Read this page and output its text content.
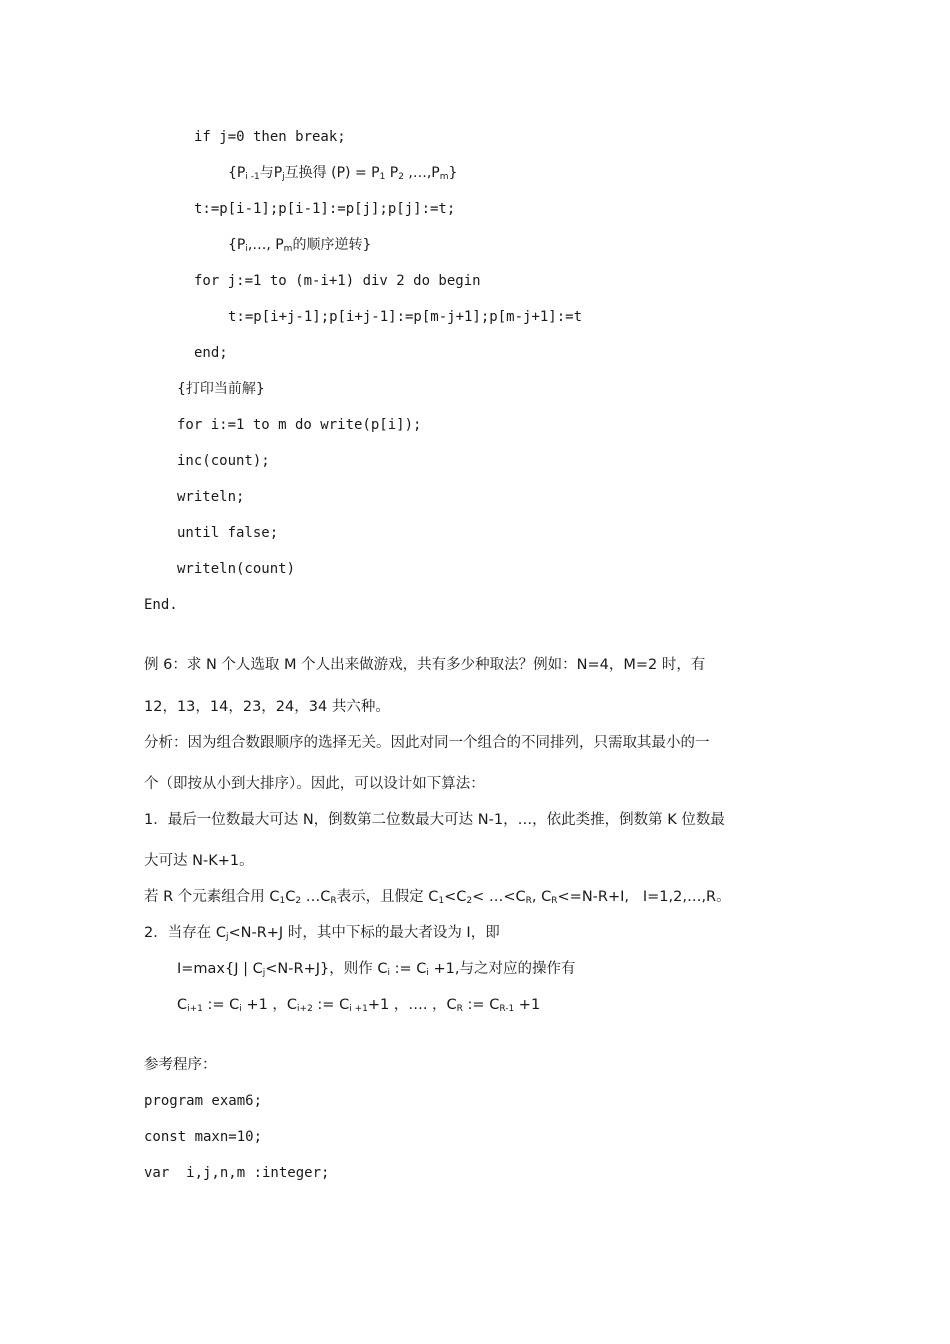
if j=0 then break;
{$P_{i -1}$与$P_j$互换得 $(P) = P_1$ $P_2$ $,\dots,P_m$}
t:=p[i-1];p[i-1]:=p[j];p[j]:=t;
{$P_i,\dots$, $P_m$的顺序逆转}
for j:=1 to (m-i+1) div 2 do begin
t:=p[i+j-1];p[i+j-1]:=p[m-j+1];p[m-j+1]:=t
end;
{打印当前解}
for i:=1 to m do write(p[i]);
inc(count);
writeln;
until false;
writeln(count)
End.
例 6：求 N 个人选取 M 个人出来做游戏，共有多少种取法？例如：N=4，M=2 时，有
12，13，14，23，24，34 共六种。
分析：因为组合数跟顺序的选择无关。因此对同一个组合的不同排列，只需取其最小的一
个（即按从小到大排序）。因此，可以设计如下算法：
1．最后一位数最大可达 N，倒数第二位数最大可达 N-1，…，依此类推，倒数第 K 位数最
大可达 N-K+1。
若 R 个元素组合用 $C_1C_2$ $\dots C_R$表示，且假定 $C_1<C_2<$ $\dots<C_R$, $C_R<=N-R+I$,   I=1,2,…,R。
2．当存在 $C_j<N-R+J$ 时，其中下标的最大者设为 I，即
I=max{J | $C_j<N-R+J$}，则作 $C_i$ := $C_i +1$,与之对应的操作有
$C_{i+1}$ := $C_i +1$ ，$C_{i+2}$ := $C_{i +1}+1$ ，…. ，$C_R$ := $C_{R-1} +1$
参考程序：
program exam6;
const maxn=10;
var  i,j,n,m :integer;
